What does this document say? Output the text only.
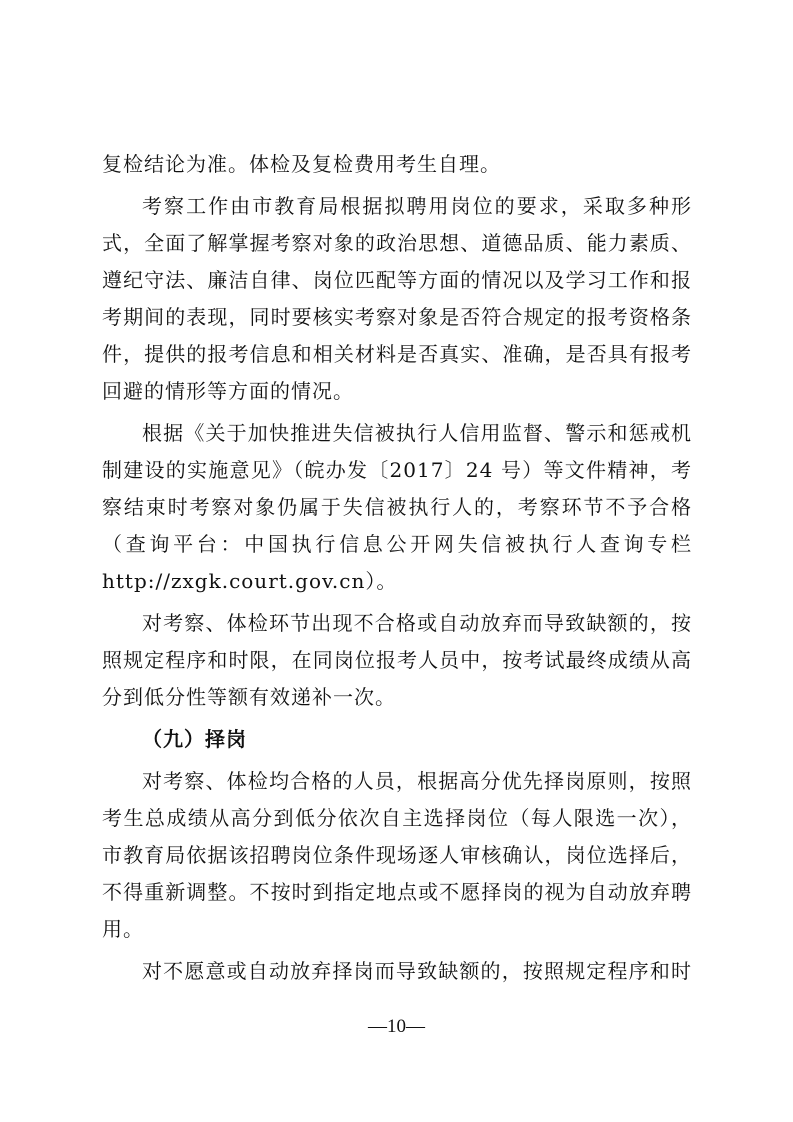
复检结论为准。体检及复检费用考生自理。
考察工作由市教育局根据拟聘用岗位的要求，采取多种形
式，全面了解掌握考察对象的政治思想、道德品质、能力素质、
遵纪守法、廉洁自律、岗位匹配等方面的情况以及学习工作和报
考期间的表现，同时要核实考察对象是否符合规定的报考资格条
件，提供的报考信息和相关材料是否真实、准确，是否具有报考
回避的情形等方面的情况。
根据《关于加快推进失信被执行人信用监督、警示和惩戒机
制建设的实施意见》（皖办发〔2017〕24 号）等文件精神，考
察结束时考察对象仍属于失信被执行人的，考察环节不予合格
（查询平台：中国执行信息公开网失信被执行人查询专栏
http://zxgk.court.gov.cn）。
对考察、体检环节出现不合格或自动放弃而导致缺额的，按
照规定程序和时限，在同岗位报考人员中，按考试最终成绩从高
分到低分性等额有效递补一次。
（九）择岗
对考察、体检均合格的人员，根据高分优先择岗原则，按照
考生总成绩从高分到低分依次自主选择岗位（每人限选一次），
市教育局依据该招聘岗位条件现场逐人审核确认，岗位选择后，
不得重新调整。不按时到指定地点或不愿择岗的视为自动放弃聘
用。
对不愿意或自动放弃择岗而导致缺额的，按照规定程序和时
—10—
